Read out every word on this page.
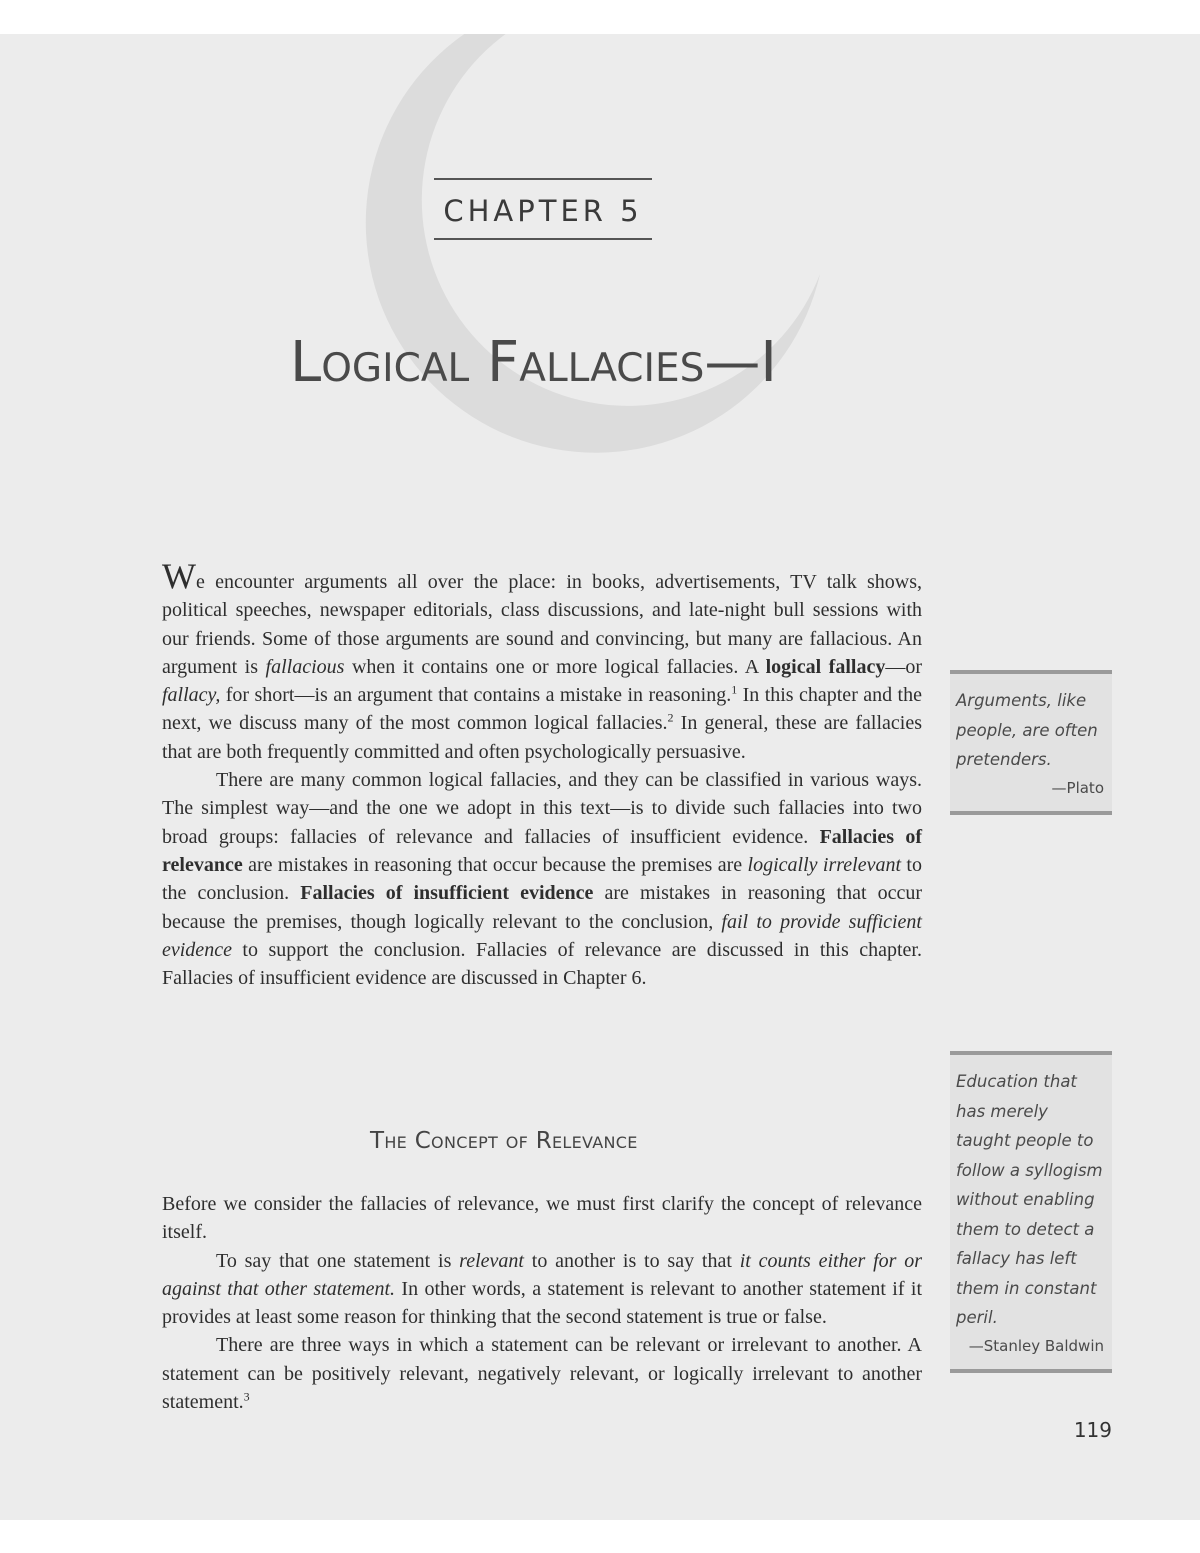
CHAPTER 5
Logical Fallacies—I

We encounter arguments all over the place: in books, advertisements, TV talk shows, political speeches, newspaper editorials, class discussions, and late-night bull sessions with our friends. Some of those arguments are sound and convincing, but many are fallacious. An argument is fallacious when it contains one or more logical fallacies. A logical fallacy—or fallacy, for short—is an argument that contains a mistake in reasoning.$^1$ In this chapter and the next, we discuss many of the most common logical fallacies.$^2$ In general, these are fallacies that are both frequently committed and often psychologically persuasive.

There are many common logical fallacies, and they can be classified in various ways. The simplest way—and the one we adopt in this text—is to divide such fallacies into two broad groups: fallacies of relevance and fallacies of insufficient evidence. Fallacies of relevance are mistakes in reasoning that occur because the premises are logically irrelevant to the conclusion. Fallacies of insufficient evidence are mistakes in reasoning that occur because the premises, though logically relevant to the conclusion, fail to provide sufficient evidence to support the conclusion. Fallacies of relevance are discussed in this chapter. Fallacies of insufficient evidence are discussed in Chapter 6.

The Concept of Relevance

Before we consider the fallacies of relevance, we must first clarify the concept of relevance itself.

To say that one statement is relevant to another is to say that it counts either for or against that other statement. In other words, a statement is relevant to another statement if it provides at least some reason for thinking that the second statement is true or false.

There are three ways in which a statement can be relevant or irrelevant to another. A statement can be positively relevant, negatively relevant, or logically irrelevant to another statement.$^3$

Arguments, like people, are often pretenders.
—Plato
Education that has merely taught people to follow a syllogism without enabling them to detect a fallacy has left them in constant peril.
—Stanley Baldwin
119
